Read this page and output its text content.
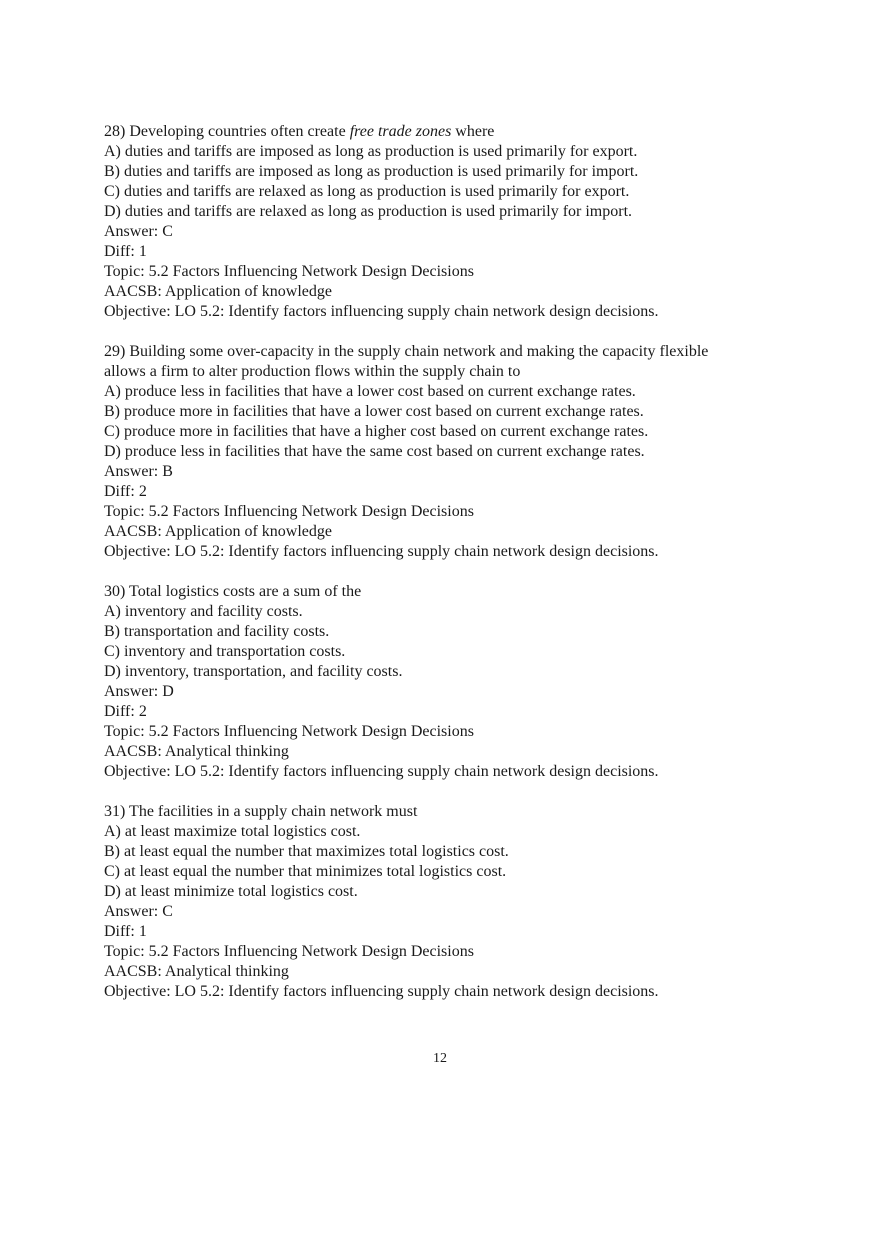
28) Developing countries often create free trade zones where
A) duties and tariffs are imposed as long as production is used primarily for export.
B) duties and tariffs are imposed as long as production is used primarily for import.
C) duties and tariffs are relaxed as long as production is used primarily for export.
D) duties and tariffs are relaxed as long as production is used primarily for import.
Answer: C
Diff: 1
Topic: 5.2 Factors Influencing Network Design Decisions
AACSB: Application of knowledge
Objective: LO 5.2: Identify factors influencing supply chain network design decisions.
29) Building some over-capacity in the supply chain network and making the capacity flexible
allows a firm to alter production flows within the supply chain to
A) produce less in facilities that have a lower cost based on current exchange rates.
B) produce more in facilities that have a lower cost based on current exchange rates.
C) produce more in facilities that have a higher cost based on current exchange rates.
D) produce less in facilities that have the same cost based on current exchange rates.
Answer: B
Diff: 2
Topic: 5.2 Factors Influencing Network Design Decisions
AACSB: Application of knowledge
Objective: LO 5.2: Identify factors influencing supply chain network design decisions.
30) Total logistics costs are a sum of the
A) inventory and facility costs.
B) transportation and facility costs.
C) inventory and transportation costs.
D) inventory, transportation, and facility costs.
Answer: D
Diff: 2
Topic: 5.2 Factors Influencing Network Design Decisions
AACSB: Analytical thinking
Objective: LO 5.2: Identify factors influencing supply chain network design decisions.
31) The facilities in a supply chain network must
A) at least maximize total logistics cost.
B) at least equal the number that maximizes total logistics cost.
C) at least equal the number that minimizes total logistics cost.
D) at least minimize total logistics cost.
Answer: C
Diff: 1
Topic: 5.2 Factors Influencing Network Design Decisions
AACSB: Analytical thinking
Objective: LO 5.2: Identify factors influencing supply chain network design decisions.
12
